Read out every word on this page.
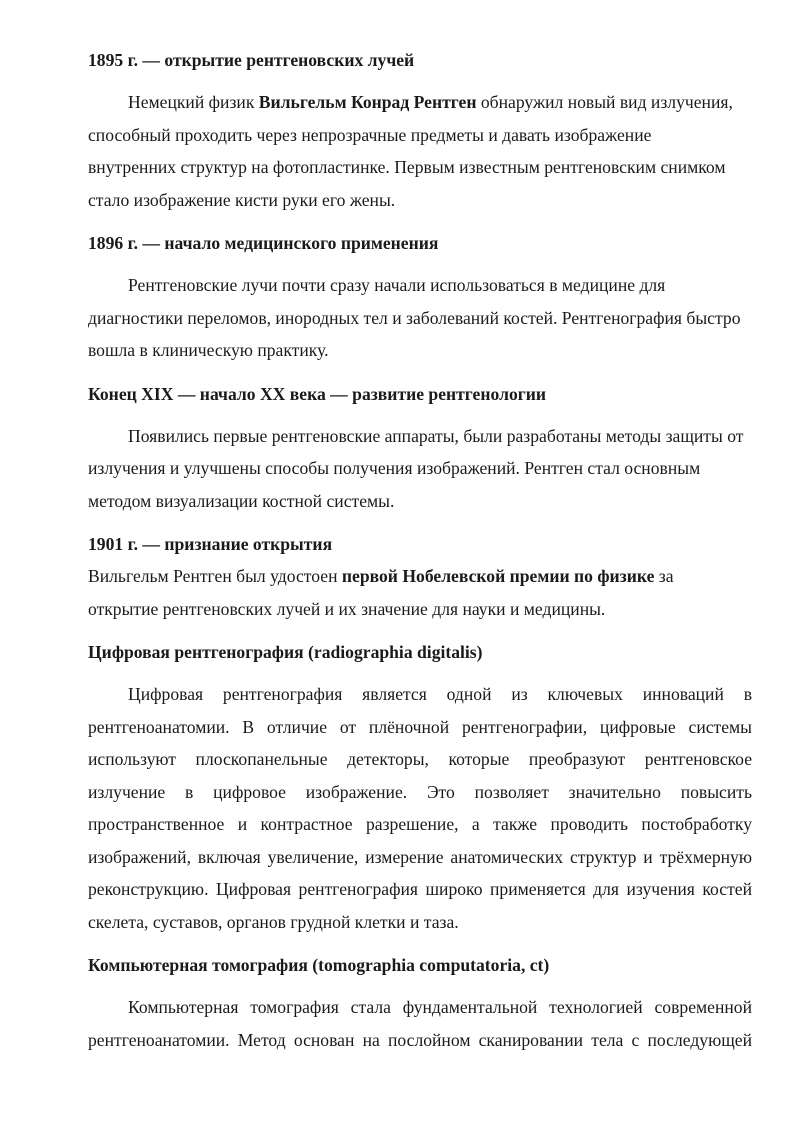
1895 г. — открытие рентгеновских лучей

Немецкий физик Вильгельм Конрад Рентген обнаружил новый вид излучения,
способный проходить через непрозрачные предметы и давать изображение
внутренних структур на фотопластинке. Первым известным рентгеновским снимком
стало изображение кисти руки его жены.

1896 г. — начало медицинского применения

Рентгеновские лучи почти сразу начали использоваться в медицине для
диагностики переломов, инородных тел и заболеваний костей. Рентгенография быстро
вошла в клиническую практику.

Конец XIX — начало XX века — развитие рентгенологии

Появились первые рентгеновские аппараты, были разработаны методы защиты от
излучения и улучшены способы получения изображений. Рентген стал основным
методом визуализации костной системы.

1901 г. — признание открытия

Вильгельм Рентген был удостоен первой Нобелевской премии по физике за
открытие рентгеновских лучей и их значение для науки и медицины.

Цифровая рентгенография (radiographia digitalis)

Цифровая рентгенография является одной из ключевых инноваций в
рентгеноанатомии. В отличие от плёночной рентгенографии, цифровые системы
используют плоскопанельные детекторы, которые преобразуют рентгеновское
излучение в цифровое изображение. Это позволяет значительно повысить
пространственное и контрастное разрешение, а также проводить постобработку
изображений, включая увеличение, измерение анатомических структур и трёхмерную
реконструкцию. Цифровая рентгенография широко применяется для изучения костей
скелета, суставов, органов грудной клетки и таза.

Компьютерная томография (tomographia computatoria, ct)

Компьютерная томография стала фундаментальной технологией современной
рентгеноанатомии. Метод основан на послойном сканировании тела с последующей
